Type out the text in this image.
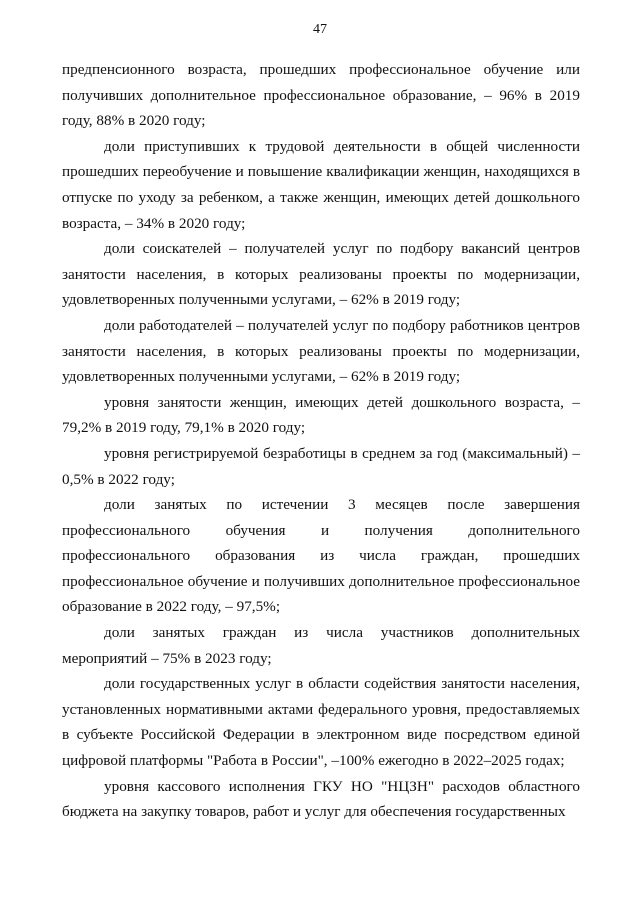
47

предпенсионного возраста, прошедших профессиональное обучение или получивших дополнительное профессиональное образование, – 96% в 2019 году, 88% в 2020 году;

доли приступивших к трудовой деятельности в общей численности прошедших переобучение и повышение квалификации женщин, находящихся в отпуске по уходу за ребенком, а также женщин, имеющих детей дошкольного возраста, – 34% в 2020 году;

доли соискателей – получателей услуг по подбору вакансий центров занятости населения, в которых реализованы проекты по модернизации, удовлетворенных полученными услугами, – 62% в 2019 году;

доли работодателей – получателей услуг по подбору работников центров занятости населения, в которых реализованы проекты по модернизации, удовлетворенных полученными услугами, – 62% в 2019 году;

уровня занятости женщин, имеющих детей дошкольного возраста, – 79,2% в 2019 году, 79,1% в 2020 году;

уровня регистрируемой безработицы в среднем за год (максимальный) – 0,5% в 2022 году;

доли занятых по истечении 3 месяцев после завершения профессионального обучения и получения дополнительного профессионального образования из числа граждан, прошедших профессиональное обучение и получивших дополнительное профессиональное образование в 2022 году, – 97,5%;

доли занятых граждан из числа участников дополнительных мероприятий – 75% в 2023 году;

доли государственных услуг в области содействия занятости населения, установленных нормативными актами федерального уровня, предоставляемых в субъекте Российской Федерации в электронном виде посредством единой цифровой платформы "Работа в России", –100% ежегодно в 2022–2025 годах;

уровня кассового исполнения ГКУ НО "НЦЗН" расходов областного бюджета на закупку товаров, работ и услуг для обеспечения государственных
